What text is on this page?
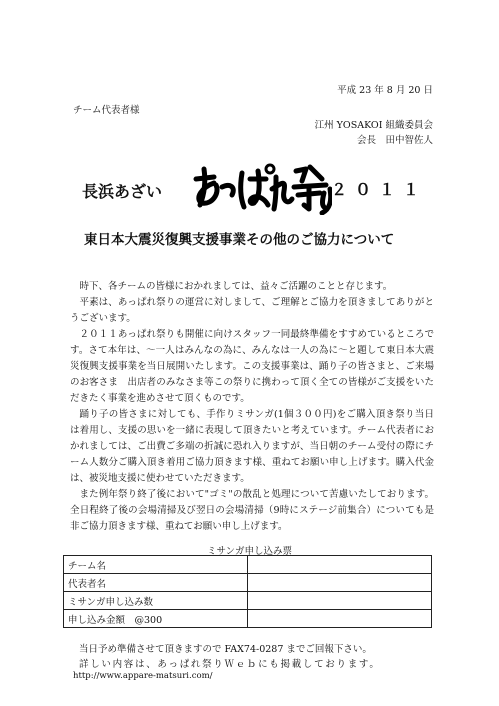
平成 23 年 8 月 20 日
チーム代表者様
江州 YOSAKOI 組織委員会
会長　田中智佐人
長浜あざい	２０１１
東日本大震災復興支援事業その他のご協力について

時下、各チームの皆様におかれましては、益々ご活躍のことと存じます。

平素は、あっぱれ祭りの運営に対しまして、ご理解とご協力を頂きましてありがとうございます。

２０１１あっぱれ祭りも開催に向けスタッフ一同最終準備をすすめているところです。さて本年は、～一人はみんなの為に、みんなは一人の為に～と題して東日本大震災復興支援事業を当日展開いたします。この支援事業は、踊り子の皆さまと、ご来場のお客さま　出店者のみなさま等この祭りに携わって頂く全ての皆様がご支援をいただきたく事業を進めさせて頂くものです。

踊り子の皆さまに対しても、手作りミサンガ(1個３００円)をご購入頂き祭り当日は着用し、支援の思いを一緒に表現して頂きたいと考えています。チーム代表者におかれましては、ご出費ご多端の折誠に恐れ入りますが、当日朝のチーム受付の際にチーム人数分ご購入頂き着用ご協力頂きます様、重ねてお願い申し上げます。購入代金は、被災地支援に使わせていただきます。

また例年祭り終了後において"ゴミ"の散乱と処理について苦慮いたしております。全日程終了後の会場清掃及び翌日の会場清掃（9時にステージ前集合）についても是非ご協力頂きます様、重ねてお願い申し上げます。

ミサンガ申し込み票
チーム名	
代表者名	
ミサンガ申し込み数	
申し込み金額　@300	
当日予め準備させて頂きますので FAX74-0287 までご回報下さい。
詳しい内容は、あっぱれ祭りＷｅｂにも掲載しております。
http://www.appare-matsuri.com/
